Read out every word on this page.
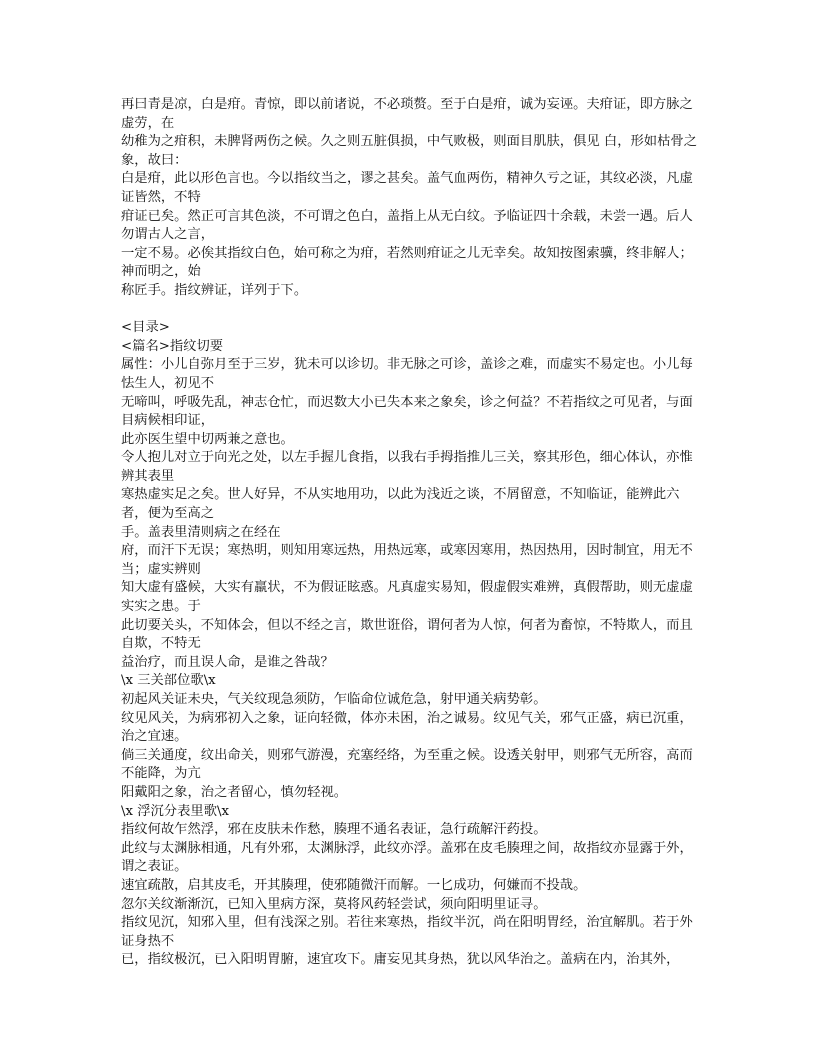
再曰青是凉，白是疳。青惊，即以前诸说，不必琐赘。至于白是疳，诚为妄诬。夫疳证，即方脉之虚劳，在

幼稚为之疳积，未脾肾两伤之候。久之则五脏俱损，中气败极，则面目肌肤，俱见 白，形如枯骨之象，故曰：

白是疳，此以形色言也。今以指纹当之，谬之甚矣。盖气血两伤，精神久亏之证，其纹必淡，凡虚证皆然，不特

疳证已矣。然正可言其色淡，不可谓之色白，盖指上从无白纹。予临证四十余载，未尝一遇。后人勿谓古人之言，

一定不易。必俟其指纹白色，始可称之为疳，若然则疳证之儿无幸矣。故知按图索骥，终非解人；神而明之，始

称匠手。指纹辨证，详列于下。

<目录>

<篇名>指纹切要

属性：小儿自弥月至于三岁，犹未可以诊切。非无脉之可诊，盖诊之难，而虚实不易定也。小儿每怯生人，初见不

无啼叫，呼吸先乱，神志仓忙，而迟数大小已失本来之象矣，诊之何益？不若指纹之可见者，与面目病候相印证，

此亦医生望中切两兼之意也。

令人抱儿对立于向光之处，以左手握儿食指，以我右手拇指推儿三关，察其形色，细心体认，亦惟辨其表里

寒热虚实足之矣。世人好异，不从实地用功，以此为浅近之谈，不屑留意，不知临证，能辨此六者，便为至高之

手。盖表里清则病之在经在

府，而汗下无误；寒热明，则知用寒远热，用热远寒，或寒因寒用，热因热用，因时制宜，用无不当；虚实辨则

知大虚有盛候，大实有羸状，不为假证眩惑。凡真虚实易知，假虚假实难辨，真假帮助，则无虚虚实实之患。于

此切要关头，不知体会，但以不经之言，欺世诳俗，谓何者为人惊，何者为畜惊，不特欺人，而且自欺，不特无

益治疗，而且误人命，是谁之咎哉？

\x 三关部位歌\x

初起风关证未央，气关纹现急须防，乍临命位诚危急，射甲通关病势彰。

纹见风关，为病邪初入之象，证向轻微，体亦未困，治之诚易。纹见气关，邪气正盛，病已沉重，治之宜速。

倘三关通度，纹出命关，则邪气游漫，充塞经络，为至重之候。设透关射甲，则邪气无所容，高而不能降，为亢

阳戴阳之象，治之者留心，慎勿轻视。

\x 浮沉分表里歌\x

指纹何故乍然浮，邪在皮肤未作愁，腠理不通名表证，急行疏解汗药投。

此纹与太渊脉相通，凡有外邪，太渊脉浮，此纹亦浮。盖邪在皮毛腠理之间，故指纹亦显露于外，谓之表证。

速宜疏散，启其皮毛，开其腠理，使邪随微汗而解。一匕成功，何嫌而不投哉。

忽尔关纹渐渐沉，已知入里病方深，莫将风药轻尝试，须向阳明里证寻。

指纹见沉，知邪入里，但有浅深之别。若往来寒热，指纹半沉，尚在阳明胃经，治宜解肌。若于外证身热不

已，指纹极沉，已入阳明胃腑，速宜攻下。庸妄见其身热，犹以风华治之。盖病在内，治其外，
